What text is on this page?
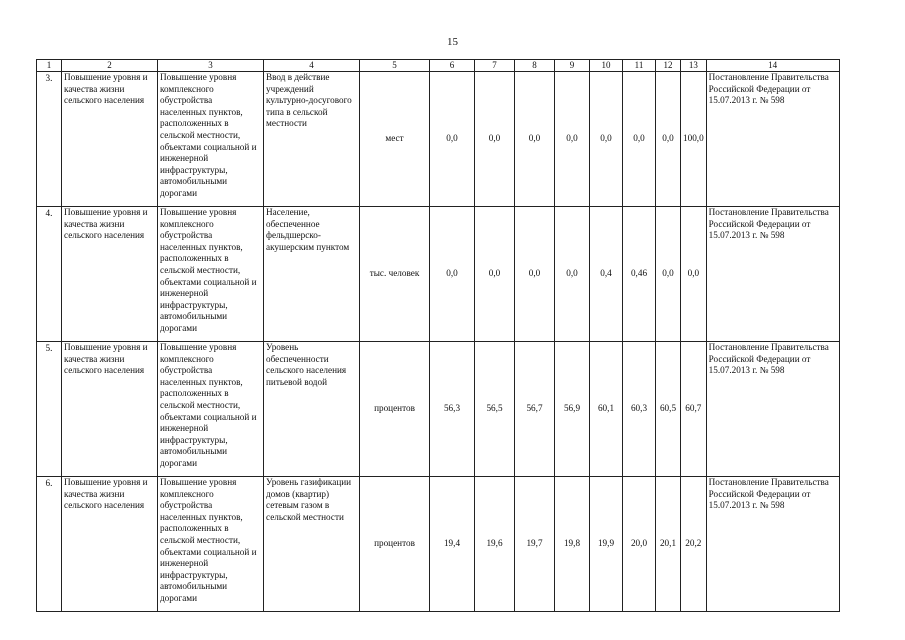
15
1	2	3	4	5	6	7	8	9	10	11	12	13	14
3.	Повышение уровня и качества жизни сельского населения	Повышение уровня комплексного обустройства населенных пунктов, расположенных в сельской местности, объектами социальной и инженерной инфраструктуры, автомобильными дорогами	Ввод в действие учреждений культурно-досугового типа в сельской местности	мест	0,0	0,0	0,0	0,0	0,0	0,0	0,0	100,0	Постановление Правительства Российской Федерации от 15.07.2013 г. № 598

4.	Повышение уровня и качества жизни сельского населения	Повышение уровня комплексного обустройства населенных пунктов, расположенных в сельской местности, объектами социальной и инженерной инфраструктуры, автомобильными дорогами	Население, обеспеченное фельдшерско-акушерским пунктом	тыс. человек	0,0	0,0	0,0	0,0	0,4	0,46	0,0	0,0	Постановление Правительства Российской Федерации от 15.07.2013 г. № 598

5.	Повышение уровня и качества жизни сельского населения	Повышение уровня комплексного обустройства населенных пунктов, расположенных в сельской местности, объектами социальной и инженерной инфраструктуры, автомобильными дорогами	Уровень обеспеченности сельского населения питьевой водой	процентов	56,3	56,5	56,7	56,9	60,1	60,3	60,5	60,7	Постановление Правительства Российской Федерации от 15.07.2013 г. № 598

6.	Повышение уровня и качества жизни сельского населения	Повышение уровня комплексного обустройства населенных пунктов, расположенных в сельской местности, объектами социальной и инженерной инфраструктуры, автомобильными дорогами	Уровень газификации домов (квартир) сетевым газом в сельской местности	процентов	19,4	19,6	19,7	19,8	19,9	20,0	20,1	20,2	Постановление Правительства Российской Федерации от 15.07.2013 г. № 598
